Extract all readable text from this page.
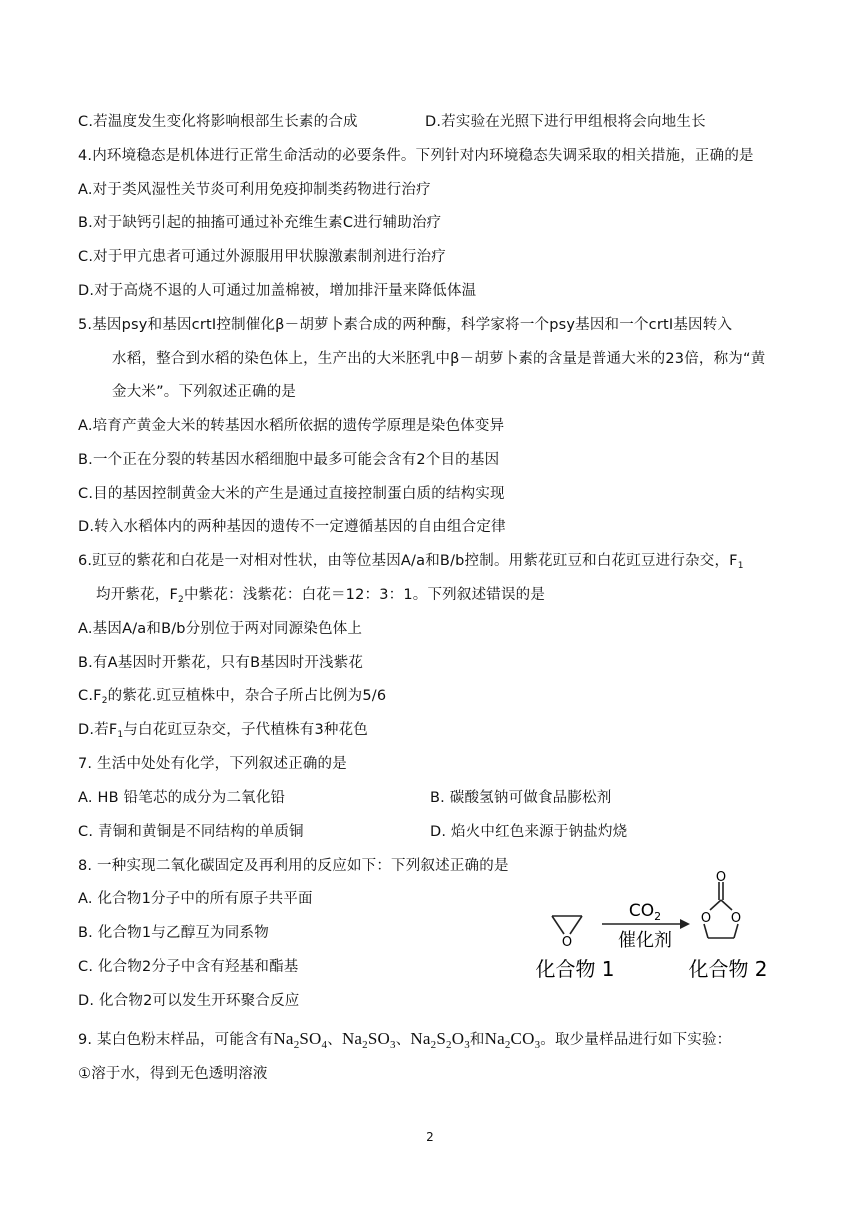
C.若温度发生变化将影响根部生长素的合成	D.若实验在光照下进行甲组根将会向地生长
4.内环境稳态是机体进行正常生命活动的必要条件。下列针对内环境稳态失调采取的相关措施，正确的是
A.对于类风湿性关节炎可利用免疫抑制类药物进行治疗
B.对于缺钙引起的抽搐可通过补充维生素C进行辅助治疗
C.对于甲亢患者可通过外源服用甲状腺激素制剂进行治疗
D.对于高烧不退的人可通过加盖棉被，增加排汗量来降低体温
5.基因psy和基因crtI控制催化β－胡萝卜素合成的两种酶，科学家将一个psy基因和一个crtI基因转入
水稻，整合到水稻的染色体上，生产出的大米胚乳中β－胡萝卜素的含量是普通大米的23倍，称为“黄
金大米”。下列叙述正确的是
A.培育产黄金大米的转基因水稻所依据的遗传学原理是染色体变异
B.一个正在分裂的转基因水稻细胞中最多可能会含有2个目的基因
C.目的基因控制黄金大米的产生是通过直接控制蛋白质的结构实现
D.转入水稻体内的两种基因的遗传不一定遵循基因的自由组合定律
6.豇豆的紫花和白花是一对相对性状，由等位基因A/a和B/b控制。用紫花豇豆和白花豇豆进行杂交，$F_1$
均开紫花，$F_2$中紫花：浅紫花：白花＝12：3：1。下列叙述错误的是
A.基因A/a和B/b分别位于两对同源染色体上
B.有A基因时开紫花，只有B基因时开浅紫花
$C.F_2$的紫花.豇豆植株中，杂合子所占比例为5/6
D.若$F_1$与白花豇豆杂交，子代植株有3种花色
7. 生活中处处有化学，下列叙述正确的是
A. HB 铅笔芯的成分为二氧化铅	B. 碳酸氢钠可做食品膨松剂
C. 青铜和黄铜是不同结构的单质铜	D. 焰火中红色来源于钠盐灼烧
8. 一种实现二氧化碳固定及再利用的反应如下：下列叙述正确的是
A. 化合物1分子中的所有原子共平面
B. 化合物1与乙醇互为同系物
C. 化合物2分子中含有羟基和酯基
D. 化合物2可以发生开环聚合反应
O
$CO_2$
催化剂
O
O O
化合物 1	化合物 2
9. 某白色粉末样品，可能含有$Na_2SO_4$、$Na_2SO_3$、$Na_2S_2O_3$和$Na_2CO_3$。取少量样品进行如下实验：
①溶于水，得到无色透明溶液
2
